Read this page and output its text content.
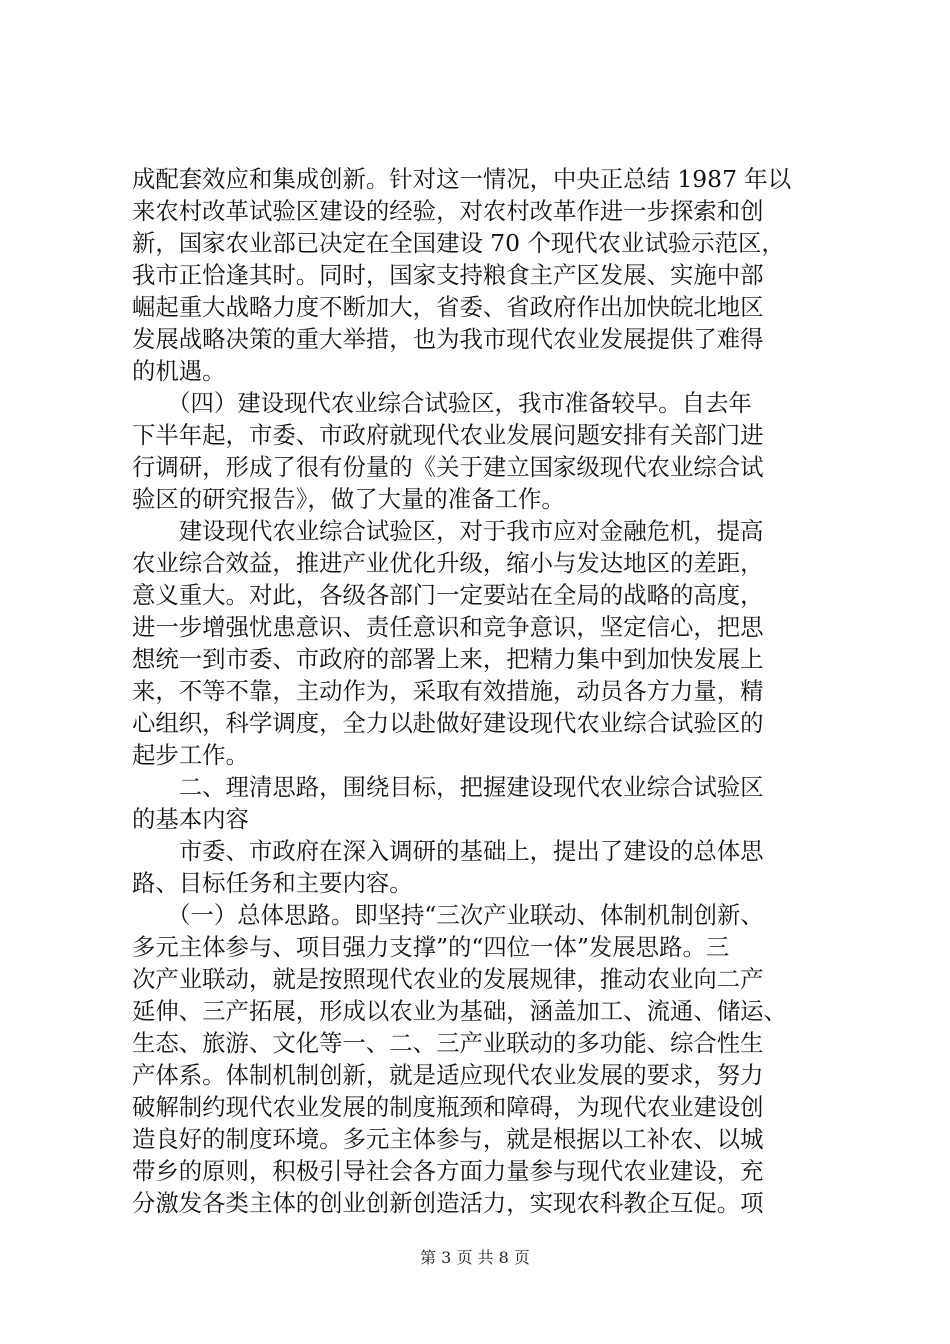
成配套效应和集成创新。针对这一情况，中央正总结 1987 年以
来农村改革试验区建设的经验，对农村改革作进一步探索和创
新，国家农业部已决定在全国建设 70 个现代农业试验示范区，
我市正恰逢其时。同时，国家支持粮食主产区发展、实施中部
崛起重大战略力度不断加大，省委、省政府作出加快皖北地区
发展战略决策的重大举措，也为我市现代农业发展提供了难得
的机遇。
　　（四）建设现代农业综合试验区，我市准备较早。自去年
下半年起，市委、市政府就现代农业发展问题安排有关部门进
行调研，形成了很有份量的《关于建立国家级现代农业综合试
验区的研究报告》，做了大量的准备工作。
　　建设现代农业综合试验区，对于我市应对金融危机，提高
农业综合效益，推进产业优化升级，缩小与发达地区的差距，
意义重大。对此，各级各部门一定要站在全局的战略的高度，
进一步增强忧患意识、责任意识和竞争意识，坚定信心，把思
想统一到市委、市政府的部署上来，把精力集中到加快发展上
来，不等不靠，主动作为，采取有效措施，动员各方力量，精
心组织，科学调度，全力以赴做好建设现代农业综合试验区的
起步工作。
　　二、理清思路，围绕目标，把握建设现代农业综合试验区
的基本内容
　　市委、市政府在深入调研的基础上，提出了建设的总体思
路、目标任务和主要内容。
　　（一）总体思路。即坚持“三次产业联动、体制机制创新、
多元主体参与、项目强力支撑”的“四位一体”发展思路。三
次产业联动，就是按照现代农业的发展规律，推动农业向二产
延伸、三产拓展，形成以农业为基础，涵盖加工、流通、储运、
生态、旅游、文化等一、二、三产业联动的多功能、综合性生
产体系。体制机制创新，就是适应现代农业发展的要求，努力
破解制约现代农业发展的制度瓶颈和障碍，为现代农业建设创
造良好的制度环境。多元主体参与，就是根据以工补农、以城
带乡的原则，积极引导社会各方面力量参与现代农业建设，充
分激发各类主体的创业创新创造活力，实现农科教企互促。项
第 3 页 共 8 页
